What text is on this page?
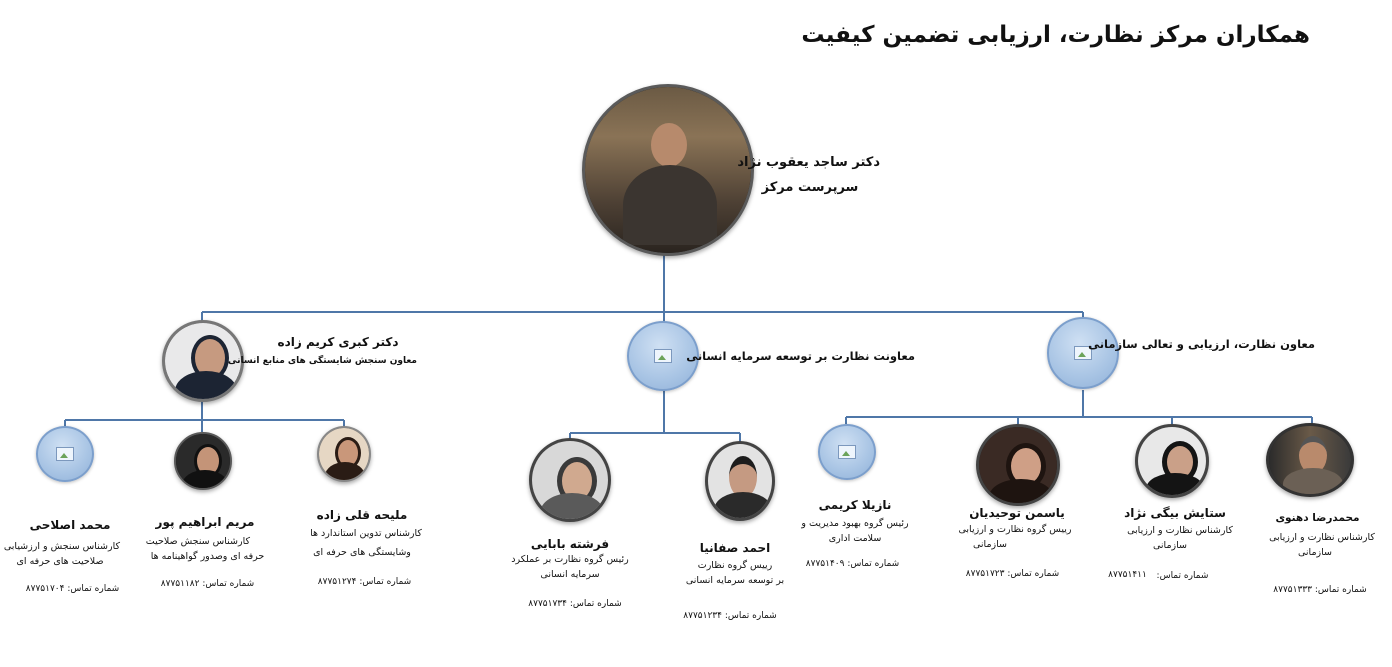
همکاران مرکز نظارت، ارزیابی تضمین کیفیت
دکتر ساجد یعقوب نژاد
سرپرست مرکز
دکتر کبری کریم زاده
معاون سنجش شایستگی های منابع انسانی	معاونت نظارت بر توسعه سرمایه انسانی
معاون نظارت، ارزیابی و تعالی سازمانی
محمد اصلاحی
کارشناس سنجش و ارزشیابی
صلاحیت های حرفه ای
شماره تماس: ۸۷۷۵۱۷۰۴
مریم ابراهیم پور
کارشناس سنجش صلاحیت
حرفه ای وصدور گواهینامه ها
شماره تماس: ۸۷۷۵۱۱۸۲
ملیحه قلی زاده
کارشناس تدوین استاندارد ها
وشایستگی های حرفه ای
شماره تماس: ۸۷۷۵۱۲۷۴
فرشته بابایی
رئیس گروه نظارت بر عملکرد
سرمایه انسانی
شماره تماس: ۸۷۷۵۱۷۳۴
احمد صفانیا
رییس گروه نظارت
بر توسعه سرمایه انسانی
شماره تماس: ۸۷۷۵۱۲۳۴
نازیلا کریمی
رئیس گروه بهبود مدیریت و
سلامت اداری
شماره تماس: ۸۷۷۵۱۴۰۹
یاسمن توحیدیان
رییس گروه نظارت و ارزیابی
سازمانی
شماره تماس: ۸۷۷۵۱۷۲۳
ستایش بیگی نژاد
کارشناس نظارت و ارزیابی
سازمانی
شماره تماس:
۸۷۷۵۱۴۱۱
محمدرضا دهنوی
کارشناس نظارت و ارزیابی
سازمانی
شماره تماس: ۸۷۷۵۱۳۳۳
